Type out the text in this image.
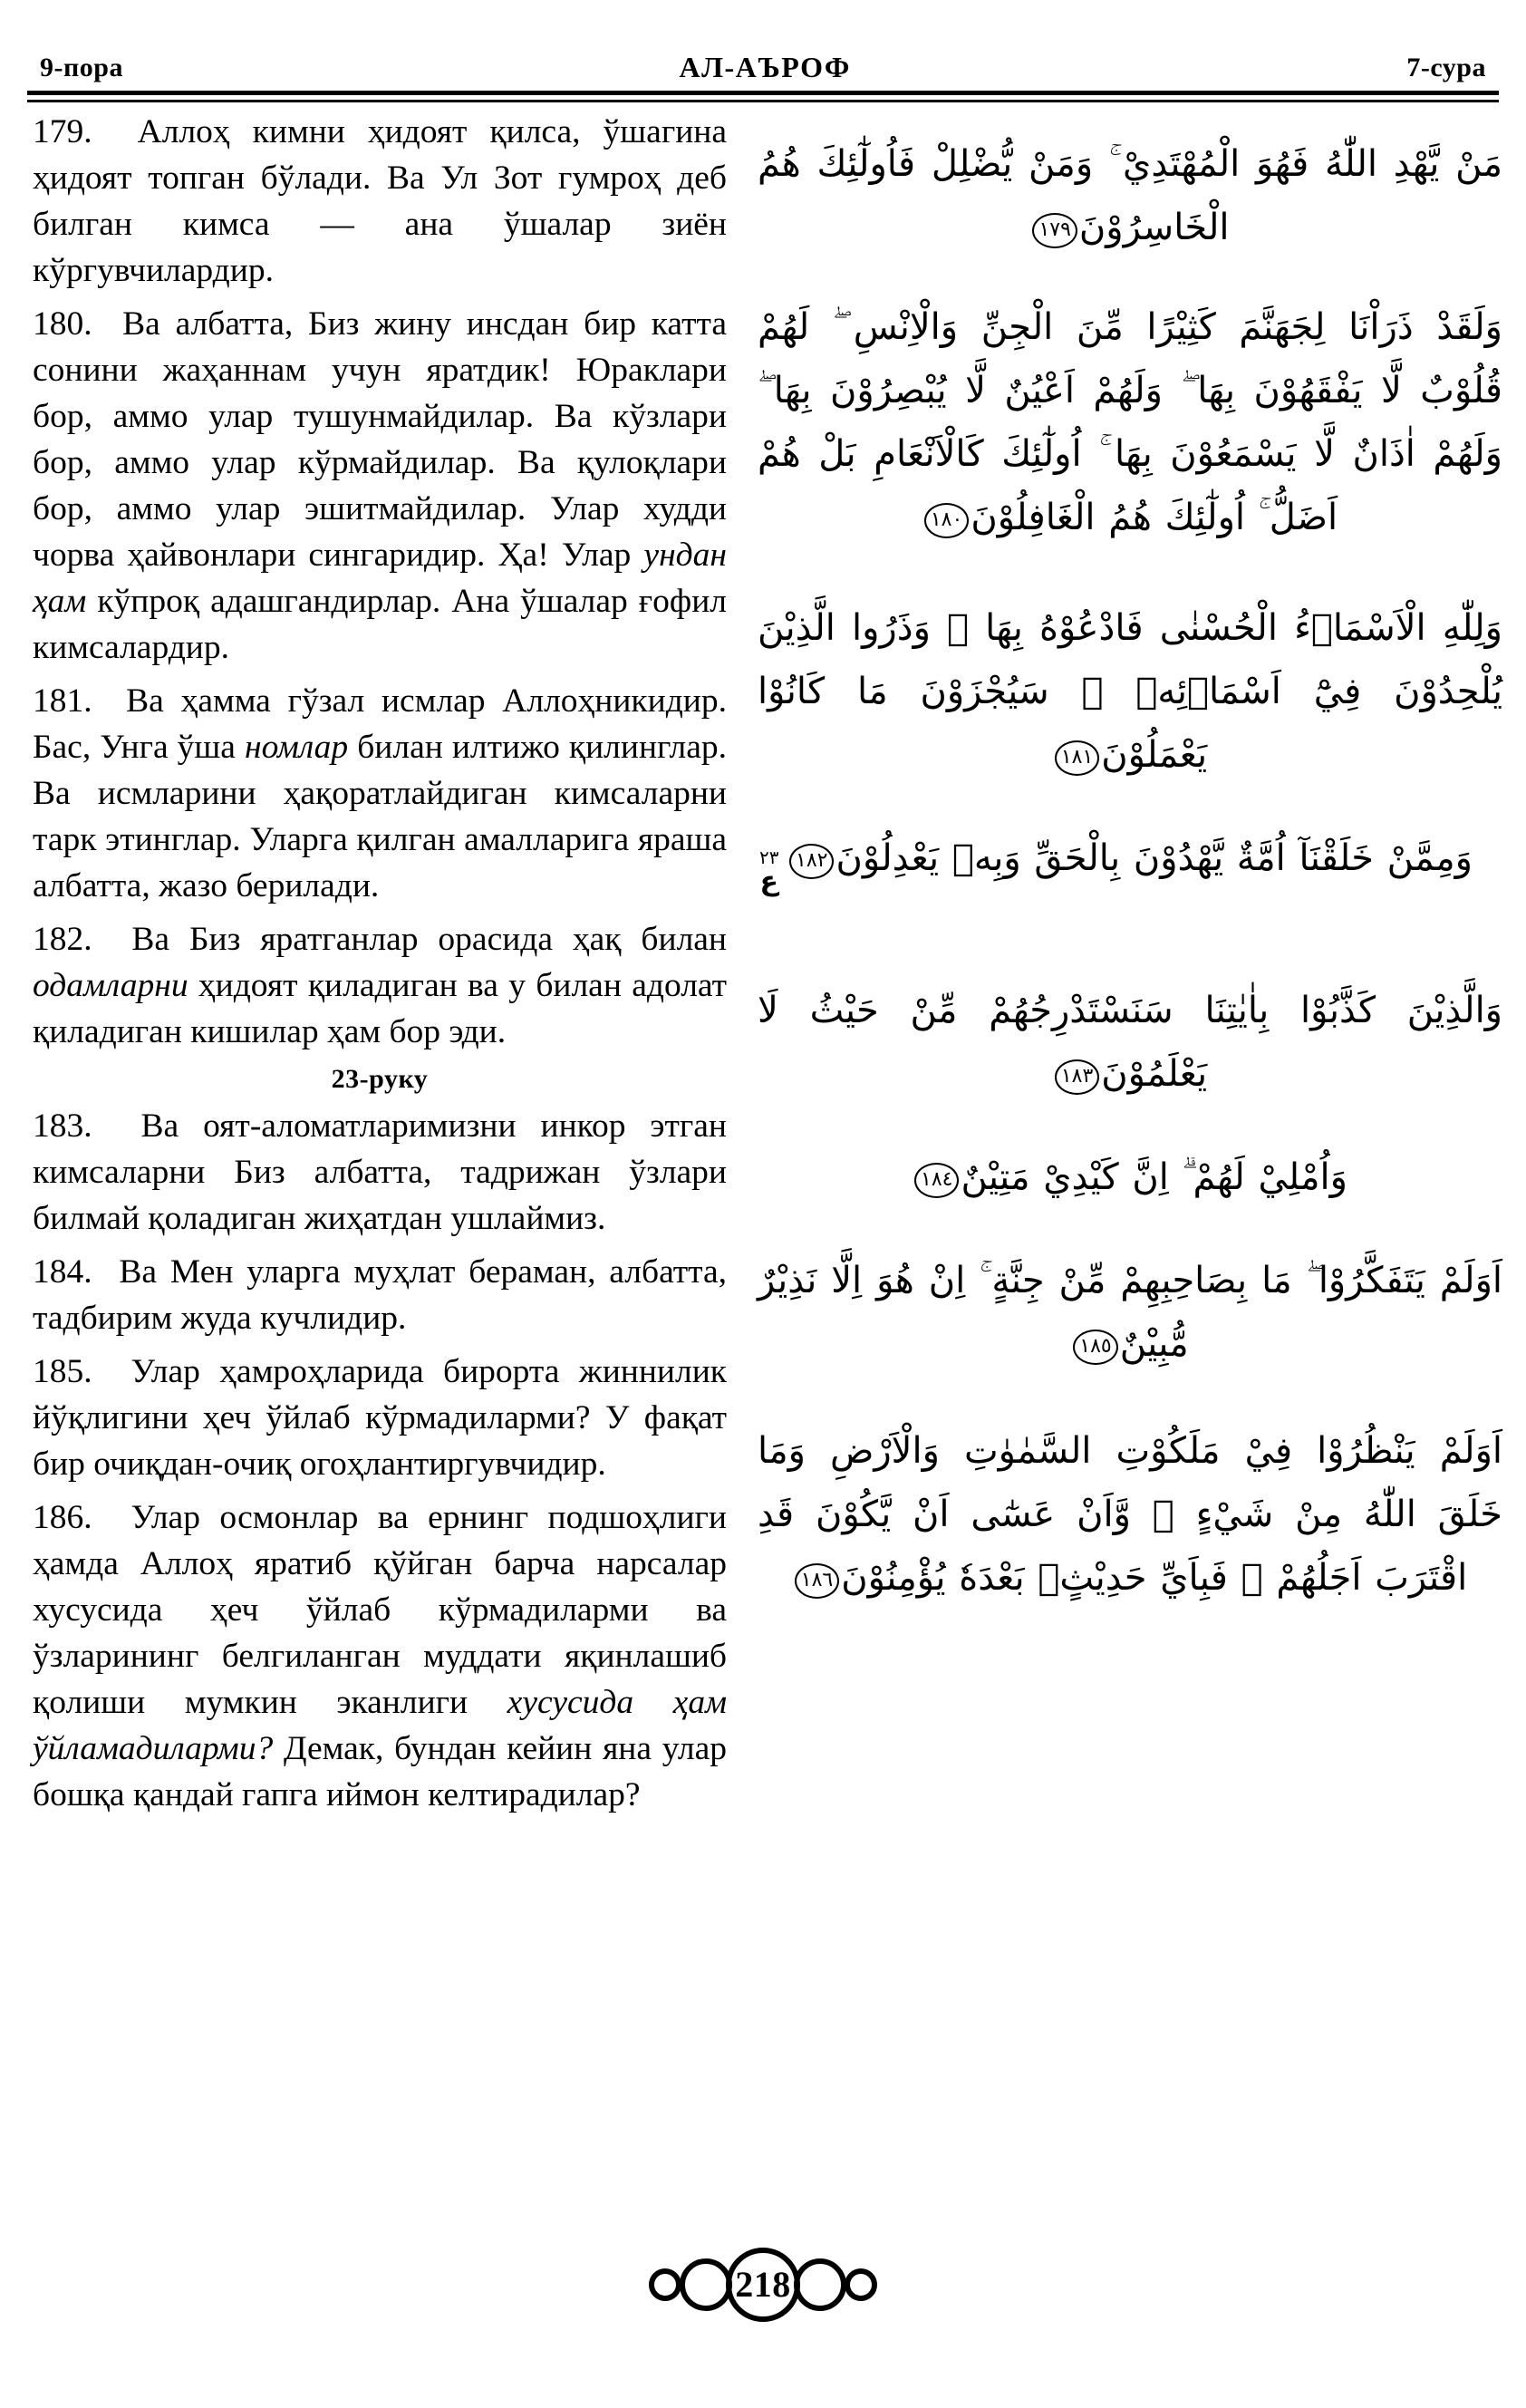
9-пора	АЛ-АЪРОФ	7-сура

179.  Аллоҳ кимни ҳидоят қилса, ўшагина ҳидоят топган бўлади. Ва Ул Зот гумроҳ деб билган кимса — ана ўшалар зиён кўргувчилардир.

180.  Ва албатта, Биз жину инсдан бир катта сонини жаҳаннам учун яратдик! Юраклари бор, аммо улар тушунмайдилар. Ва кўзлари бор, аммо улар кўрмайдилар. Ва қулоқлари бор, аммо улар эшитмайдилар. Улар худди чорва ҳайвонлари сингаридир. Ҳа! Улар ундан ҳам кўпроқ адашгандирлар. Ана ўшалар ғофил кимсалардир.

181.  Ва ҳамма гўзал исмлар Аллоҳникидир. Бас, Унга ўша номлар билан илтижо қилинглар. Ва исмларини ҳақоратлайдиган кимсаларни тарк этинглар. Уларга қилган амалларига яраша албатта, жазо берилади.

182.  Ва Биз яратганлар орасида ҳақ билан одамларни ҳидоят қиладиган ва у билан адолат қиладиган кишилар ҳам бор эди.

23-руку

183.  Ва оят-аломатларимизни инкор этган кимсаларни Биз албатта, тадрижан ўзлари билмай қоладиган жиҳатдан ушлаймиз.

184.  Ва Мен уларга муҳлат бераман, албатта, тадбирим жуда кучлидир.

185.  Улар ҳамроҳларида бирорта жиннилик йўқлигини ҳеч ўйлаб кўрмадиларми? У фақат бир очиқдан-очиқ огоҳлантиргувчидир.

186.  Улар осмонлар ва ернинг подшоҳлиги ҳамда Аллоҳ яратиб қўйган барча нарсалар хусусида ҳеч ўйлаб кўрмадиларми ва ўзларининг белгиланган муддати яқинлашиб қолиши мумкин эканлиги хусусида ҳам ўйламадиларми? Демак, бундан кейин яна улар бошқа қандай гапга иймон келтирадилар?

مَنْ يَّهْدِ اللّٰهُ فَهُوَ الْمُهْتَدِيْ ۚ وَمَنْ يُّضْلِلْ فَاُولٰٓئِكَ هُمُ الْخَاسِرُوْنَ١٧٩
وَلَقَدْ ذَرَاْنَا لِجَهَنَّمَ كَثِيْرًا مِّنَ الْجِنِّ وَالْاِنْسِ ۖ لَهُمْ قُلُوْبٌ لَّا يَفْقَهُوْنَ بِهَا ۖ وَلَهُمْ اَعْيُنٌ لَّا يُبْصِرُوْنَ بِهَا ۖ وَلَهُمْ اٰذَانٌ لَّا يَسْمَعُوْنَ بِهَا ۚ اُولٰٓئِكَ كَالْاَنْعَامِ بَلْ هُمْ اَضَلُّ ۚ اُولٰٓئِكَ هُمُ الْغَافِلُوْنَ١٨٠
وَلِلّٰهِ الْاَسْمَاۤءُ الْحُسْنٰى فَادْعُوْهُ بِهَا ۖ وَذَرُوا الَّذِيْنَ يُلْحِدُوْنَ فِيْٓ اَسْمَاۤئِهٖ ۗ سَيُجْزَوْنَ مَا كَانُوْا يَعْمَلُوْنَ١٨١
وَمِمَّنْ خَلَقْنَآ اُمَّةٌ يَّهْدُوْنَ بِالْحَقِّ وَبِهٖ يَعْدِلُوْنَ١٨٢
٢٣
ع
وَالَّذِيْنَ كَذَّبُوْا بِاٰيٰتِنَا سَنَسْتَدْرِجُهُمْ مِّنْ حَيْثُ لَا يَعْلَمُوْنَ١٨٣
وَاُمْلِيْ لَهُمْ ۗ اِنَّ كَيْدِيْ مَتِيْنٌ١٨٤
اَوَلَمْ يَتَفَكَّرُوْا ۖ مَا بِصَاحِبِهِمْ مِّنْ جِنَّةٍ ۚ اِنْ هُوَ اِلَّا نَذِيْرٌ مُّبِيْنٌ١٨٥
اَوَلَمْ يَنْظُرُوْا فِيْ مَلَكُوْتِ السَّمٰوٰتِ وَالْاَرْضِ وَمَا خَلَقَ اللّٰهُ مِنْ شَيْءٍ ۙ وَّاَنْ عَسٰٓى اَنْ يَّكُوْنَ قَدِ اقْتَرَبَ اَجَلُهُمْ ۖ فَبِاَيِّ حَدِيْثٍۢ بَعْدَهٗ يُؤْمِنُوْنَ١٨٦
218
